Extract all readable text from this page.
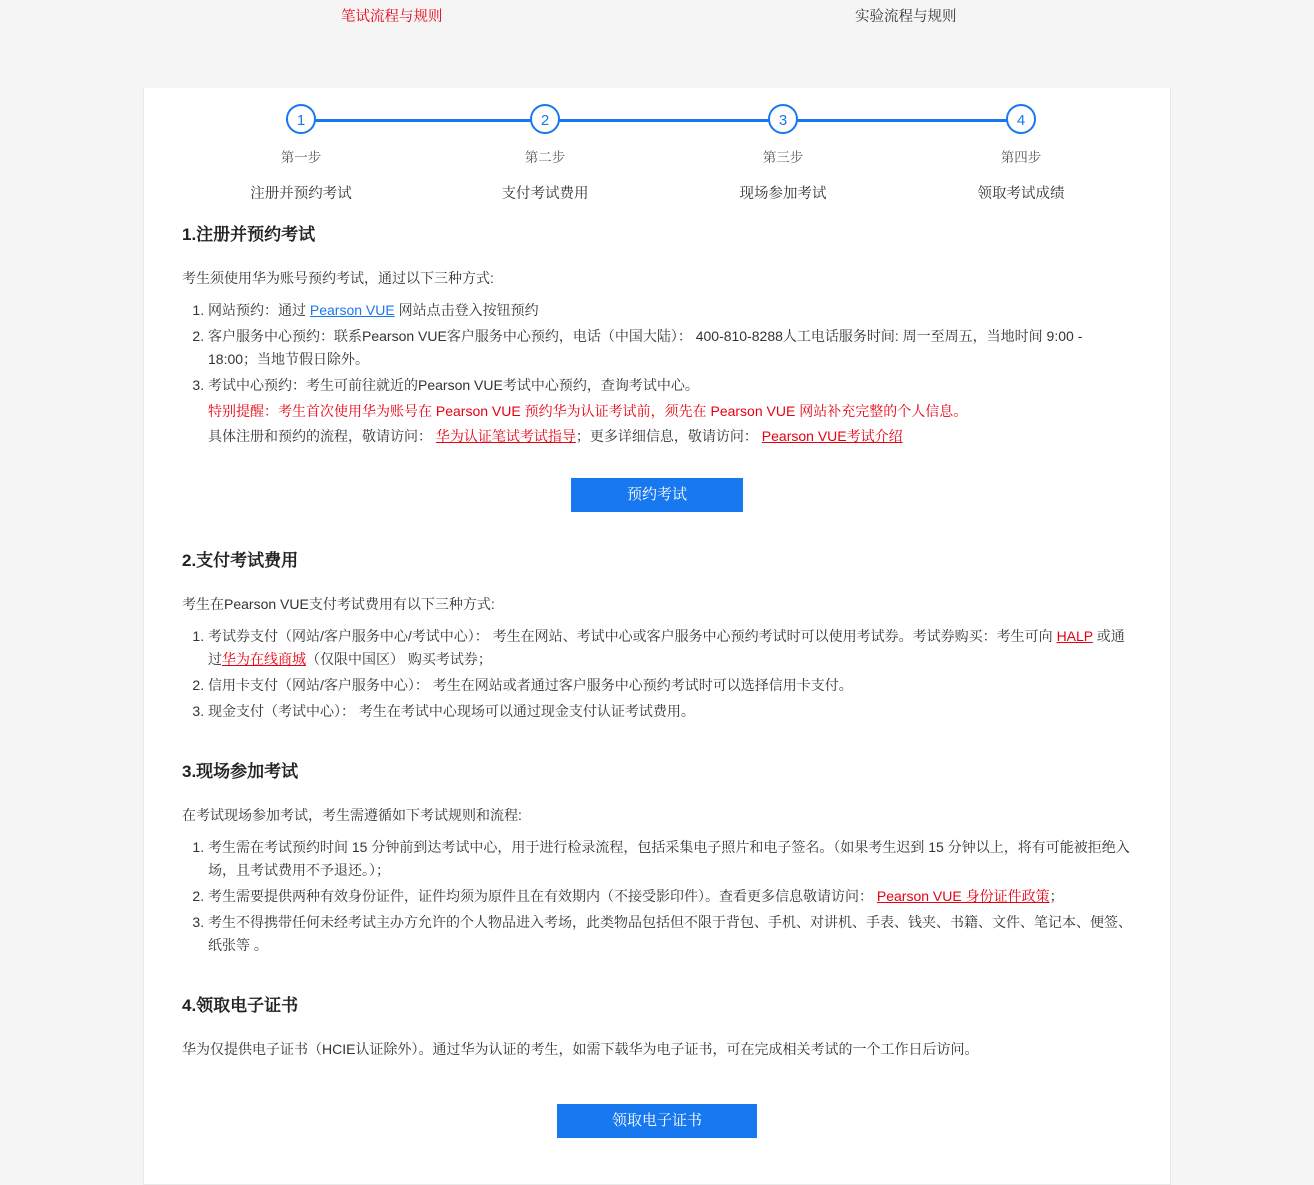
笔试流程与规则	实验流程与规则
1
第一步
注册并预约考试
2
第二步
支付考试费用
3
第三步
现场参加考试
4
第四步
领取考试成绩
1.注册并预约考试

考生须使用华为账号预约考试，通过以下三种方式:

1. 网站预约：通过 Pearson VUE 网站点击登入按钮预约
2. 客户服务中心预约：联系Pearson VUE客户服务中心预约，电话（中国大陆）： 400-810-8288人工电话服务时间: 周一至周五，当地时间 9:00 - 18:00；当地节假日除外。
3. 考试中心预约：考生可前往就近的Pearson VUE考试中心预约，查询考试中心。
特别提醒：考生首次使用华为账号在 Pearson VUE 预约华为认证考试前，须先在 Pearson VUE 网站补充完整的个人信息。
具体注册和预约的流程，敬请访问： 华为认证笔试考试指导；更多详细信息，敬请访问： Pearson VUE考试介绍
预约考试
2.支付考试费用

考生在Pearson VUE支付考试费用有以下三种方式:

1. 考试券支付（网站/客户服务中心/考试中心）： 考生在网站、考试中心或客户服务中心预约考试时可以使用考试券。考试券购买：考生可向 HALP 或通过华为在线商城（仅限中国区） 购买考试券；
2. 信用卡支付（网站/客户服务中心）： 考生在网站或者通过客户服务中心预约考试时可以选择信用卡支付。
3. 现金支付（考试中心）： 考生在考试中心现场可以通过现金支付认证考试费用。
3.现场参加考试

在考试现场参加考试，考生需遵循如下考试规则和流程:

1. 考生需在考试预约时间 15 分钟前到达考试中心，用于进行检录流程，包括采集电子照片和电子签名。（如果考生迟到 15 分钟以上，将有可能被拒绝入场，且考试费用不予退还。）；
2. 考生需要提供两种有效身份证件，证件均须为原件且在有效期内（不接受影印件）。查看更多信息敬请访问： Pearson VUE 身份证件政策；
3. 考生不得携带任何未经考试主办方允许的个人物品进入考场，此类物品包括但不限于背包、手机、对讲机、手表、钱夹、书籍、文件、笔记本、便签、纸张等 。
4.领取电子证书

华为仅提供电子证书（HCIE认证除外）。通过华为认证的考生，如需下载华为电子证书，可在完成相关考试的一个工作日后访问。

领取电子证书
